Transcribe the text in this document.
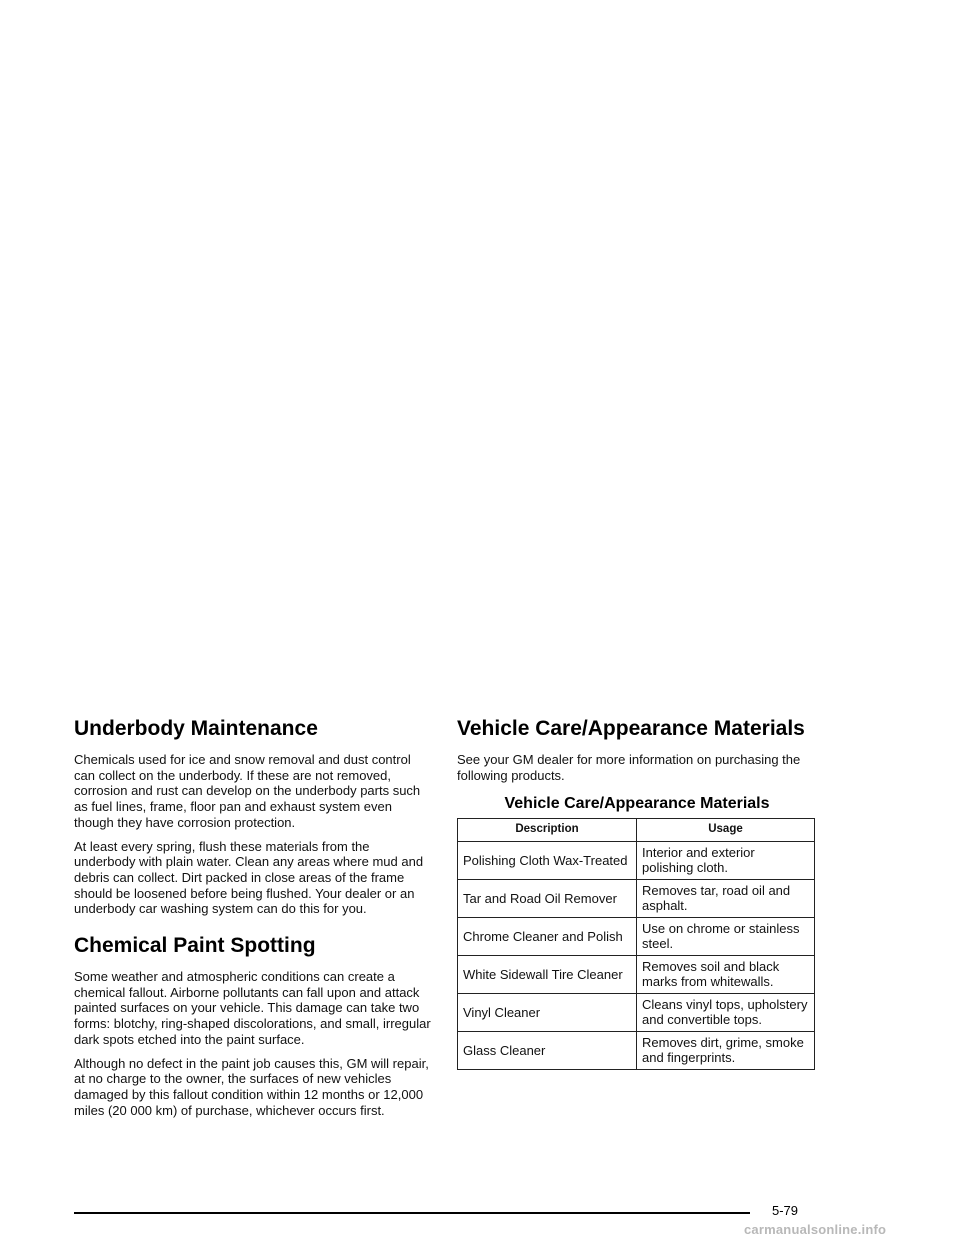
Underbody Maintenance

Chemicals used for ice and snow removal and dust control can collect on the underbody. If these are not removed, corrosion and rust can develop on the underbody parts such as fuel lines, frame, floor pan and exhaust system even though they have corrosion protection.

At least every spring, flush these materials from the underbody with plain water. Clean any areas where mud and debris can collect. Dirt packed in close areas of the frame should be loosened before being flushed. Your dealer or an underbody car washing system can do this for you.

Chemical Paint Spotting

Some weather and atmospheric conditions can create a chemical fallout. Airborne pollutants can fall upon and attack painted surfaces on your vehicle. This damage can take two forms: blotchy, ring-shaped discolorations, and small, irregular dark spots etched into the paint surface.

Although no defect in the paint job causes this, GM will repair, at no charge to the owner, the surfaces of new vehicles damaged by this fallout condition within 12 months or 12,000 miles (20 000 km) of purchase, whichever occurs first.

Vehicle Care/Appearance Materials

See your GM dealer for more information on purchasing the following products.

Vehicle Care/Appearance Materials
Description	Usage
Polishing Cloth Wax-Treated	Interior and exterior polishing cloth.
Tar and Road Oil Remover	Removes tar, road oil and asphalt.
Chrome Cleaner and Polish	Use on chrome or stainless steel.
White Sidewall Tire Cleaner	Removes soil and black marks from whitewalls.
Vinyl Cleaner	Cleans vinyl tops, upholstery and convertible tops.
Glass Cleaner	Removes dirt, grime, smoke and fingerprints.
5-79
carmanualsonline.info
